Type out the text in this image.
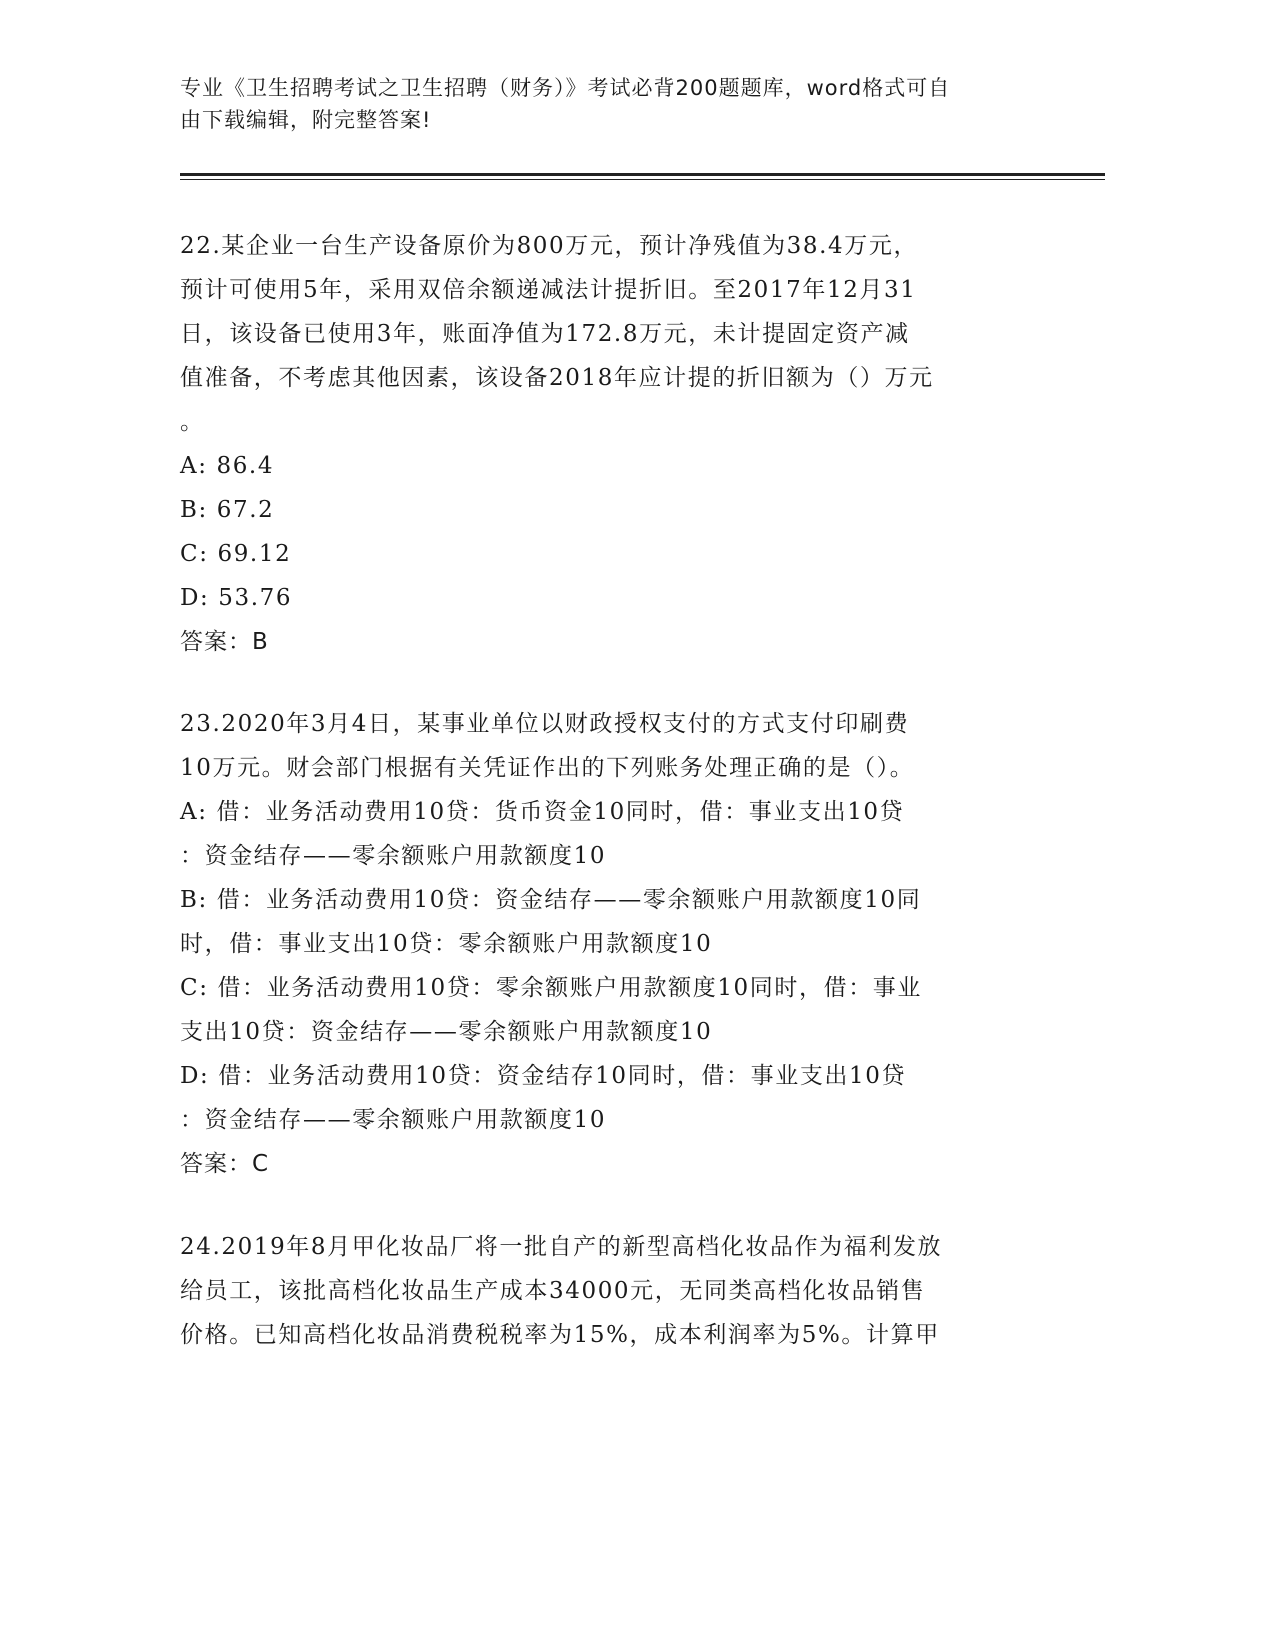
专业《卫生招聘考试之卫生招聘（财务）》考试必背200题题库，word格式可自
由下载编辑，附完整答案!
22.某企业一台生产设备原价为800万元，预计净残值为38.4万元，
预计可使用5年，采用双倍余额递减法计提折旧。至2017年12月31
日，该设备已使用3年，账面净值为172.8万元，未计提固定资产减
值准备，不考虑其他因素，该设备2018年应计提的折旧额为（）万元
。
A: 86.4
B: 67.2
C: 69.12
D: 53.76
答案：B
23.2020年3月4日，某事业单位以财政授权支付的方式支付印刷费
10万元。财会部门根据有关凭证作出的下列账务处理正确的是（）。
A: 借：业务活动费用10贷：货币资金10同时，借：事业支出10贷
：资金结存——零余额账户用款额度10
B: 借：业务活动费用10贷：资金结存——零余额账户用款额度10同
时，借：事业支出10贷：零余额账户用款额度10
C: 借：业务活动费用10贷：零余额账户用款额度10同时，借：事业
支出10贷：资金结存——零余额账户用款额度10
D: 借：业务活动费用10贷：资金结存10同时，借：事业支出10贷
：资金结存——零余额账户用款额度10
答案：C
24.2019年8月甲化妆品厂将一批自产的新型高档化妆品作为福利发放
给员工，该批高档化妆品生产成本34000元，无同类高档化妆品销售
价格。已知高档化妆品消费税税率为15%，成本利润率为5%。计算甲
